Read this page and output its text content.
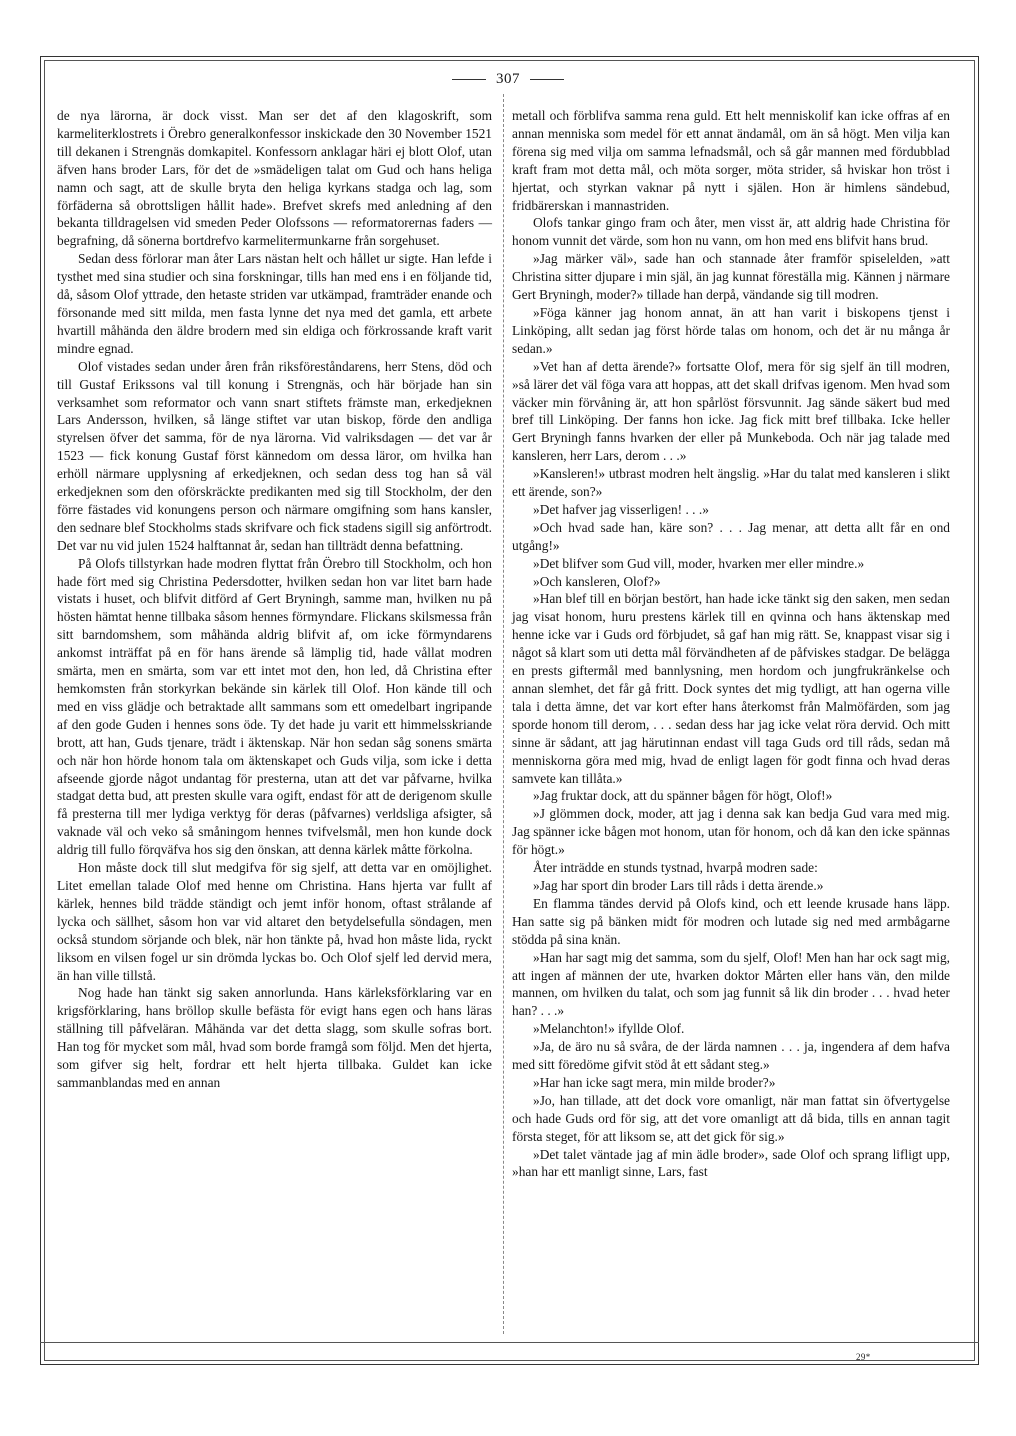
307

de nya lärorna, är dock visst. Man ser det af den klagoskrift, som karmeliterklostrets i Örebro generalkonfessor inskickade den 30 November 1521 till dekanen i Strengnäs domkapitel. Konfessorn anklagar häri ej blott Olof, utan äfven hans broder Lars, för det de »smädeligen talat om Gud och hans heliga namn och sagt, att de skulle bryta den heliga kyrkans stadga och lag, som förfäderna så obrottsligen hållit hade». Brefvet skrefs med anledning af den bekanta tilldragelsen vid smeden Peder Olofssons — reformatorernas faders — begrafning, då sönerna bortdrefvo karmelitermunkarne från sorgehuset.

Sedan dess förlorar man åter Lars nästan helt och hållet ur sigte. Han lefde i tysthet med sina studier och sina forskningar, tills han med ens i en följande tid, då, såsom Olof yttrade, den hetaste striden var utkämpad, framträder enande och försonande med sitt milda, men fasta lynne det nya med det gamla, ett arbete hvartill måhända den äldre brodern med sin eldiga och förkrossande kraft varit mindre egnad.

Olof vistades sedan under åren från riksföreståndarens, herr Stens, död och till Gustaf Erikssons val till konung i Strengnäs, och här började han sin verksamhet som reformator och vann snart stiftets främste man, erkedjeknen Lars Andersson, hvilken, så länge stiftet var utan biskop, förde den andliga styrelsen öfver det samma, för de nya lärorna. Vid valriksdagen — det var år 1523 — fick konung Gustaf först kännedom om dessa läror, om hvilka han erhöll närmare upplysning af erkedjeknen, och sedan dess tog han så väl erkedjeknen som den oförskräckte predikanten med sig till Stockholm, der den förre fästades vid konungens person och närmare omgifning som hans kansler, den sednare blef Stockholms stads skrifvare och fick stadens sigill sig anförtrodt. Det var nu vid julen 1524 halftannat år, sedan han tillträdt denna befattning.

På Olofs tillstyrkan hade modren flyttat från Örebro till Stockholm, och hon hade fört med sig Christina Pedersdotter, hvilken sedan hon var litet barn hade vistats i huset, och blifvit ditförd af Gert Bryningh, samme man, hvilken nu på hösten hämtat henne tillbaka såsom hennes förmyndare. Flickans skilsmessa från sitt barndomshem, som måhända aldrig blifvit af, om icke förmyndarens ankomst inträffat på en för hans ärende så lämplig tid, hade vållat modren smärta, men en smärta, som var ett intet mot den, hon led, då Christina efter hemkomsten från storkyrkan bekände sin kärlek till Olof. Hon kände till och med en viss glädje och betraktade allt sammans som ett omedelbart ingripande af den gode Guden i hennes sons öde. Ty det hade ju varit ett himmelsskriande brott, att han, Guds tjenare, trädt i äktenskap. När hon sedan såg sonens smärta och när hon hörde honom tala om äktenskapet och Guds vilja, som icke i detta afseende gjorde något undantag för presterna, utan att det var påfvarne, hvilka stadgat detta bud, att presten skulle vara ogift, endast för att de derigenom skulle få presterna till mer lydiga verktyg för deras (påfvarnes) verldsliga afsigter, så vaknade väl och veko så småningom hennes tvifvelsmål, men hon kunde dock aldrig till fullo förqväfva hos sig den önskan, att denna kärlek måtte förkolna.

Hon måste dock till slut medgifva för sig sjelf, att detta var en omöjlighet. Litet emellan talade Olof med henne om Christina. Hans hjerta var fullt af kärlek, hennes bild trädde ständigt och jemt inför honom, oftast strålande af lycka och sällhet, såsom hon var vid altaret den betydelsefulla söndagen, men också stundom sörjande och blek, när hon tänkte på, hvad hon måste lida, ryckt liksom en vilsen fogel ur sin drömda lyckas bo. Och Olof sjelf led dervid mera, än han ville tillstå.

Nog hade han tänkt sig saken annorlunda. Hans kärleksförklaring var en krigsförklaring, hans bröllop skulle befästa för evigt hans egen och hans läras ställning till påfveläran. Måhända var det detta slagg, som skulle sofras bort. Han tog för mycket som mål, hvad som borde framgå som följd. Men det hjerta, som gifver sig helt, fordrar ett helt hjerta tillbaka. Guldet kan icke sammanblandas med en annan

metall och förblifva samma rena guld. Ett helt menniskolif kan icke offras af en annan menniska som medel för ett annat ändamål, om än så högt. Men vilja kan förena sig med vilja om samma lefnadsmål, och så går mannen med fördubblad kraft fram mot detta mål, och möta sorger, möta strider, så hviskar hon tröst i hjertat, och styrkan vaknar på nytt i själen. Hon är himlens sändebud, fridbärerskan i mannastriden.

Olofs tankar gingo fram och åter, men visst är, att aldrig hade Christina för honom vunnit det värde, som hon nu vann, om hon med ens blifvit hans brud.

»Jag märker väl», sade han och stannade åter framför spiselelden, »att Christina sitter djupare i min själ, än jag kunnat föreställa mig. Kännen j närmare Gert Bryningh, moder?» tillade han derpå, vändande sig till modren.

»Föga känner jag honom annat, än att han varit i biskopens tjenst i Linköping, allt sedan jag först hörde talas om honom, och det är nu många år sedan.»

»Vet han af detta ärende?» fortsatte Olof, mera för sig sjelf än till modren, »så lärer det väl föga vara att hoppas, att det skall drifvas igenom. Men hvad som väcker min förvåning är, att hon spårlöst försvunnit. Jag sände säkert bud med bref till Linköping. Der fanns hon icke. Jag fick mitt bref tillbaka. Icke heller Gert Bryningh fanns hvarken der eller på Munkeboda. Och när jag talade med kansleren, herr Lars, derom . . .»

»Kansleren!» utbrast modren helt ängslig. »Har du talat med kansleren i slikt ett ärende, son?»

»Det hafver jag visserligen! . . .»

»Och hvad sade han, käre son? . . . Jag menar, att detta allt får en ond utgång!»

»Det blifver som Gud vill, moder, hvarken mer eller mindre.»

»Och kansleren, Olof?»

»Han blef till en början bestört, han hade icke tänkt sig den saken, men sedan jag visat honom, huru prestens kärlek till en qvinna och hans äktenskap med henne icke var i Guds ord förbjudet, så gaf han mig rätt. Se, knappast visar sig i något så klart som uti detta mål förvändheten af de påfviskes stadgar. De belägga en prests giftermål med bannlysning, men hordom och jungfrukränkelse och annan slemhet, det får gå fritt. Dock syntes det mig tydligt, att han ogerna ville tala i detta ämne, det var kort efter hans återkomst från Malmöfärden, som jag sporde honom till derom, . . . sedan dess har jag icke velat röra dervid. Och mitt sinne är sådant, att jag härutinnan endast vill taga Guds ord till råds, sedan må menniskorna göra med mig, hvad de enligt lagen för godt finna och hvad deras samvete kan tillåta.»

»Jag fruktar dock, att du spänner bågen för högt, Olof!»

»J glömmen dock, moder, att jag i denna sak kan bedja Gud vara med mig. Jag spänner icke bågen mot honom, utan för honom, och då kan den icke spännas för högt.»

Åter inträdde en stunds tystnad, hvarpå modren sade:

»Jag har sport din broder Lars till råds i detta ärende.»

En flamma tändes dervid på Olofs kind, och ett leende krusade hans läpp. Han satte sig på bänken midt för modren och lutade sig ned med armbågarne stödda på sina knän.

»Han har sagt mig det samma, som du sjelf, Olof! Men han har ock sagt mig, att ingen af männen der ute, hvarken doktor Mårten eller hans vän, den milde mannen, om hvilken du talat, och som jag funnit så lik din broder . . . hvad heter han? . . .»

»Melanchton!» ifyllde Olof.

»Ja, de äro nu så svåra, de der lärda namnen . . . ja, ingendera af dem hafva med sitt föredöme gifvit stöd åt ett sådant steg.»

»Har han icke sagt mera, min milde broder?»

»Jo, han tillade, att det dock vore omanligt, när man fattat sin öfvertygelse och hade Guds ord för sig, att det vore omanligt att då bida, tills en annan tagit första steget, för att liksom se, att det gick för sig.»

»Det talet väntade jag af min ädle broder», sade Olof och sprang lifligt upp, »han har ett manligt sinne, Lars, fast

29*
